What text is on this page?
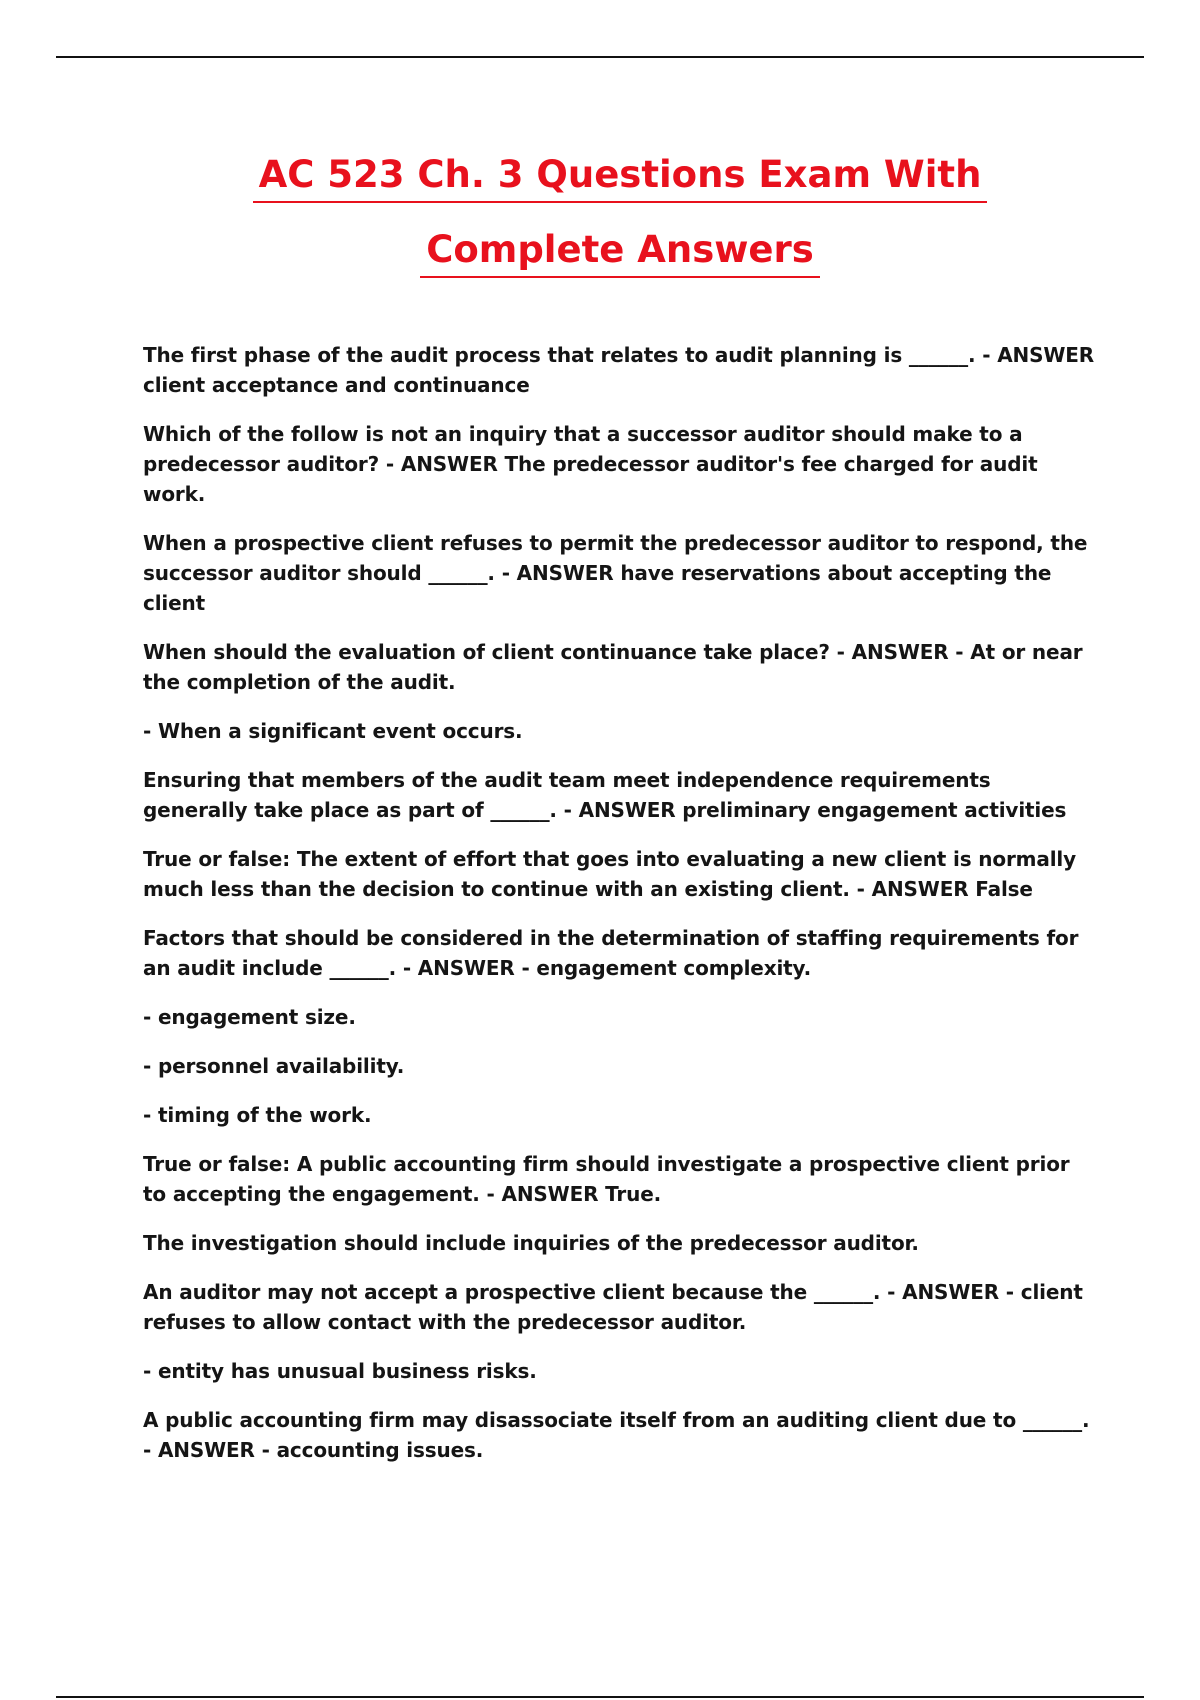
AC 523 Ch. 3 Questions Exam With
Complete Answers

The first phase of the audit process that relates to audit planning is ______. - ANSWER client acceptance and continuance

Which of the follow is not an inquiry that a successor auditor should make to a predecessor auditor? - ANSWER The predecessor auditor's fee charged for audit work.

When a prospective client refuses to permit the predecessor auditor to respond, the successor auditor should ______. - ANSWER have reservations about accepting the client

When should the evaluation of client continuance take place? - ANSWER - At or near the completion of the audit.

- When a significant event occurs.

Ensuring that members of the audit team meet independence requirements generally take place as part of ______. - ANSWER preliminary engagement activities

True or false: The extent of effort that goes into evaluating a new client is normally much less than the decision to continue with an existing client. - ANSWER False

Factors that should be considered in the determination of staffing requirements for an audit include ______. - ANSWER - engagement complexity.

- engagement size.

- personnel availability.

- timing of the work.

True or false: A public accounting firm should investigate a prospective client prior to accepting the engagement. - ANSWER True.

The investigation should include inquiries of the predecessor auditor.

An auditor may not accept a prospective client because the ______. - ANSWER - client refuses to allow contact with the predecessor auditor.

- entity has unusual business risks.

A public accounting firm may disassociate itself from an auditing client due to ______. - ANSWER - accounting issues.
